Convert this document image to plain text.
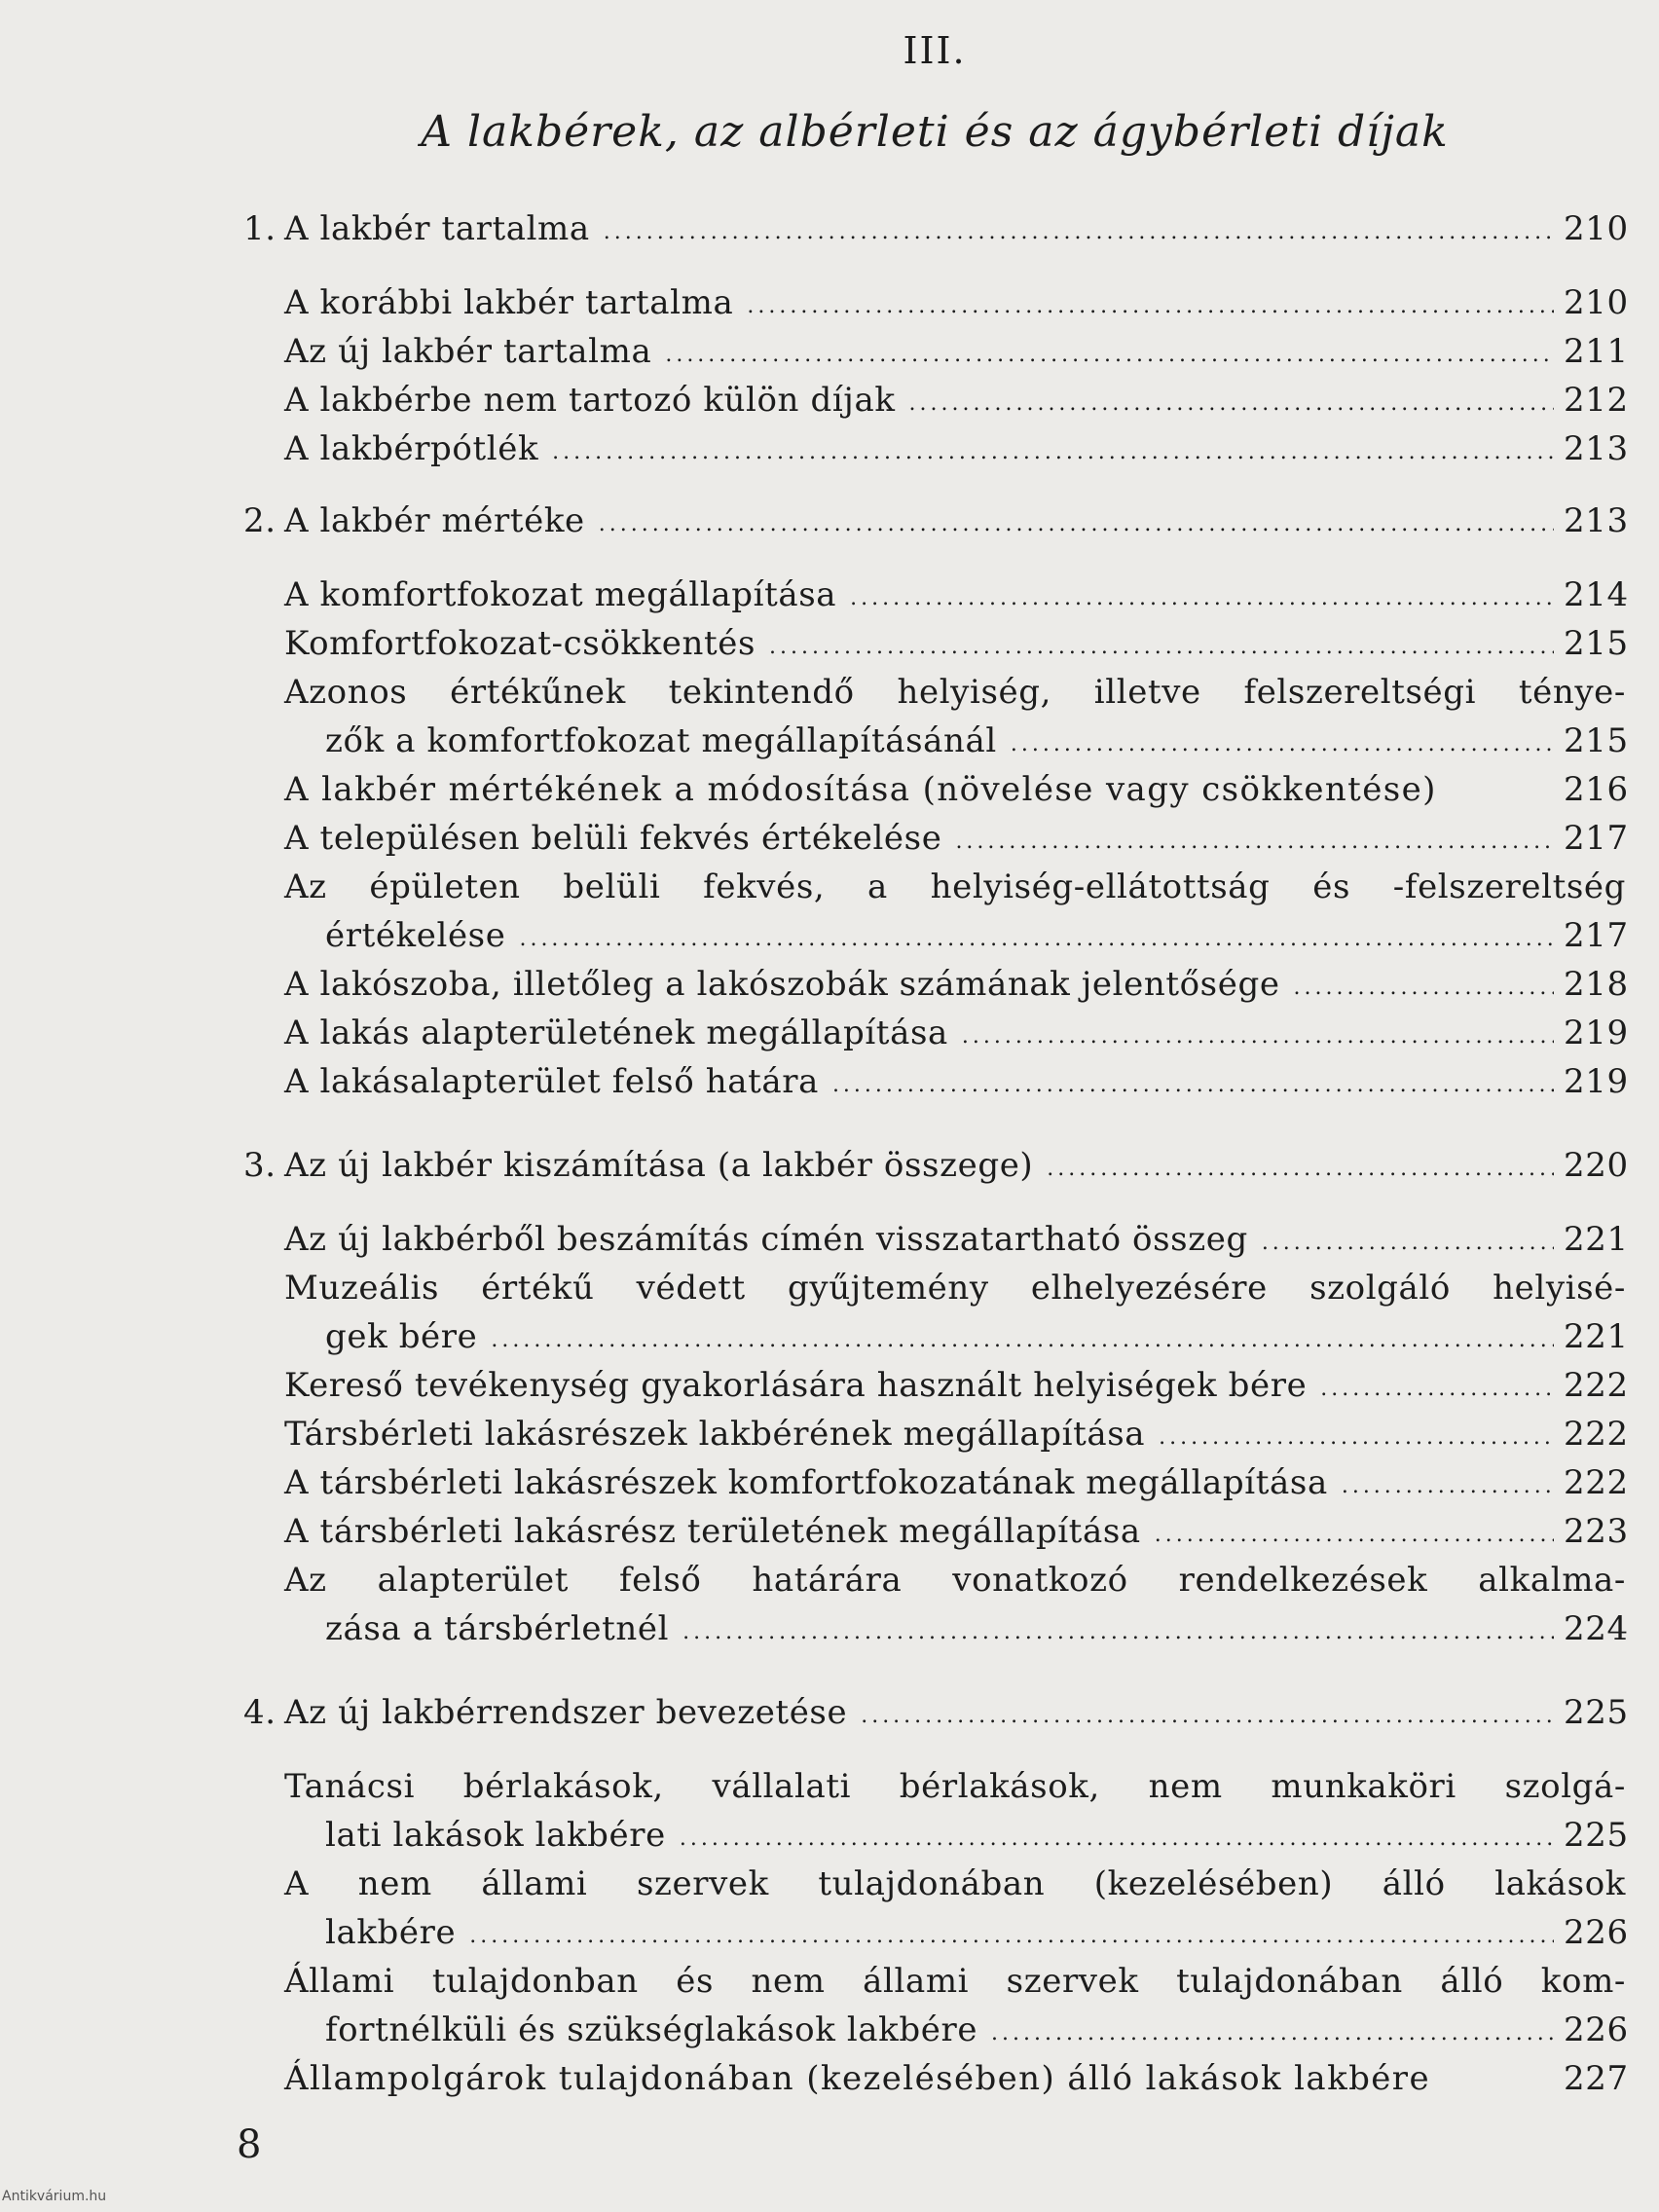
III.
A lakbérek, az albérleti és az ágybérleti díjak
1. A lakbér tartalma .....	210
A korábbi lakbér tartalma .....	210
Az új lakbér tartalma .....	211
A lakbérbe nem tartozó külön díjak .....	212
A lakbérpótlék .....	213
2. A lakbér mértéke .....	213
A komfortfokozat megállapítása .....	214
Komfortfokozat-csökkentés .....	215
Azonos értékűnek tekintendő helyiség, illetve felszereltségi ténye-
zők a komfortfokozat megállapításánál .....	215
A lakbér mértékének a módosítása (növelése vagy csökkentése)	216
A településen belüli fekvés értékelése .....	217
Az épületen belüli fekvés, a helyiség-ellátottság és -felszereltség
értékelése .....	217
A lakószoba, illetőleg a lakószobák számának jelentősége .....	218
A lakás alapterületének megállapítása .....	219
A lakásalapterület felső határa .....	219
3. Az új lakbér kiszámítása (a lakbér összege) .....	220
Az új lakbérből beszámítás címén visszatartható összeg .....	221
Muzeális értékű védett gyűjtemény elhelyezésére szolgáló helyisé-
gek bére .....	221
Kereső tevékenység gyakorlására használt helyiségek bére .....	222
Társbérleti lakásrészek lakbérének megállapítása .....	222
A társbérleti lakásrészek komfortfokozatának megállapítása .....	222
A társbérleti lakásrész területének megállapítása .....	223
Az alapterület felső határára vonatkozó rendelkezések alkalma-
zása a társbérletnél .....	224
4. Az új lakbérrendszer bevezetése .....	225
Tanácsi bérlakások, vállalati bérlakások, nem munkaköri szolgá-
lati lakások lakbére .....	225
A nem állami szervek tulajdonában (kezelésében) álló lakások
lakbére .....	226
Állami tulajdonban és nem állami szervek tulajdonában álló kom-
fortnélküli és szükséglakások lakbére .....	226
Állampolgárok tulajdonában (kezelésében) álló lakások lakbére	227
8
Antikvárium.hu
